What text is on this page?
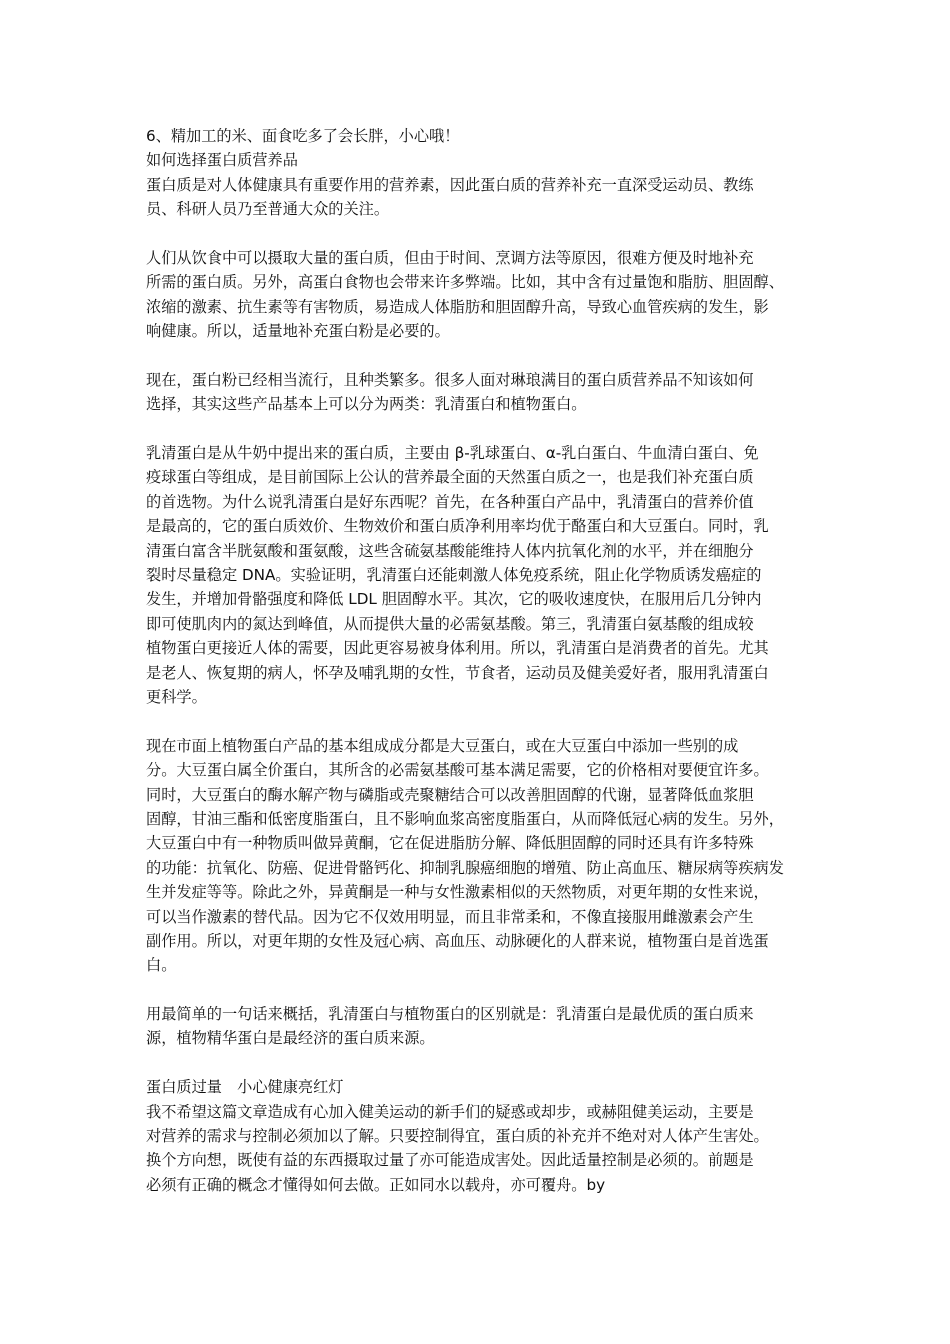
6、精加工的米、面食吃多了会长胖，小心哦！
如何选择蛋白质营养品
蛋白质是对人体健康具有重要作用的营养素，因此蛋白质的营养补充一直深受运动员、教练
员、科研人员乃至普通大众的关注。
人们从饮食中可以摄取大量的蛋白质，但由于时间、烹调方法等原因，很难方便及时地补充
所需的蛋白质。另外，高蛋白食物也会带来许多弊端。比如，其中含有过量饱和脂肪、胆固醇、
浓缩的激素、抗生素等有害物质，易造成人体脂肪和胆固醇升高，导致心血管疾病的发生，影
响健康。所以，适量地补充蛋白粉是必要的。
现在，蛋白粉已经相当流行，且种类繁多。很多人面对琳琅满目的蛋白质营养品不知该如何
选择，其实这些产品基本上可以分为两类：乳清蛋白和植物蛋白。
乳清蛋白是从牛奶中提出来的蛋白质，主要由 β-乳球蛋白、α-乳白蛋白、牛血清白蛋白、免
疫球蛋白等组成，是目前国际上公认的营养最全面的天然蛋白质之一，也是我们补充蛋白质
的首选物。为什么说乳清蛋白是好东西呢？首先，在各种蛋白产品中，乳清蛋白的营养价值
是最高的，它的蛋白质效价、生物效价和蛋白质净利用率均优于酪蛋白和大豆蛋白。同时，乳
清蛋白富含半胱氨酸和蛋氨酸，这些含硫氨基酸能维持人体内抗氧化剂的水平，并在细胞分
裂时尽量稳定 DNA。实验证明，乳清蛋白还能刺激人体免疫系统，阻止化学物质诱发癌症的
发生，并增加骨骼强度和降低 LDL 胆固醇水平。其次，它的吸收速度快，在服用后几分钟内
即可使肌肉内的氮达到峰值，从而提供大量的必需氨基酸。第三，乳清蛋白氨基酸的组成较
植物蛋白更接近人体的需要，因此更容易被身体利用。所以，乳清蛋白是消费者的首先。尤其
是老人、恢复期的病人，怀孕及哺乳期的女性，节食者，运动员及健美爱好者，服用乳清蛋白
更科学。
现在市面上植物蛋白产品的基本组成成分都是大豆蛋白，或在大豆蛋白中添加一些别的成
分。大豆蛋白属全价蛋白，其所含的必需氨基酸可基本满足需要，它的价格相对要便宜许多。
同时，大豆蛋白的酶水解产物与磷脂或壳聚糖结合可以改善胆固醇的代谢，显著降低血浆胆
固醇，甘油三酯和低密度脂蛋白，且不影响血浆高密度脂蛋白，从而降低冠心病的发生。另外，
大豆蛋白中有一种物质叫做异黄酮，它在促进脂肪分解、降低胆固醇的同时还具有许多特殊
的功能：抗氧化、防癌、促进骨骼钙化、抑制乳腺癌细胞的增殖、防止高血压、糖尿病等疾病发
生并发症等等。除此之外，异黄酮是一种与女性激素相似的天然物质，对更年期的女性来说，
可以当作激素的替代品。因为它不仅效用明显，而且非常柔和，不像直接服用雌激素会产生
副作用。所以，对更年期的女性及冠心病、高血压、动脉硬化的人群来说，植物蛋白是首选蛋
白。
用最简单的一句话来概括，乳清蛋白与植物蛋白的区别就是：乳清蛋白是最优质的蛋白质来
源，植物精华蛋白是最经济的蛋白质来源。
蛋白质过量　小心健康亮红灯
我不希望这篇文章造成有心加入健美运动的新手们的疑惑或却步，或赫阻健美运动，主要是
对营养的需求与控制必须加以了解。只要控制得宜，蛋白质的补充并不绝对对人体产生害处。
换个方向想，既使有益的东西摄取过量了亦可能造成害处。因此适量控制是必须的。前题是
必须有正确的概念才懂得如何去做。正如同水以载舟，亦可覆舟。by
